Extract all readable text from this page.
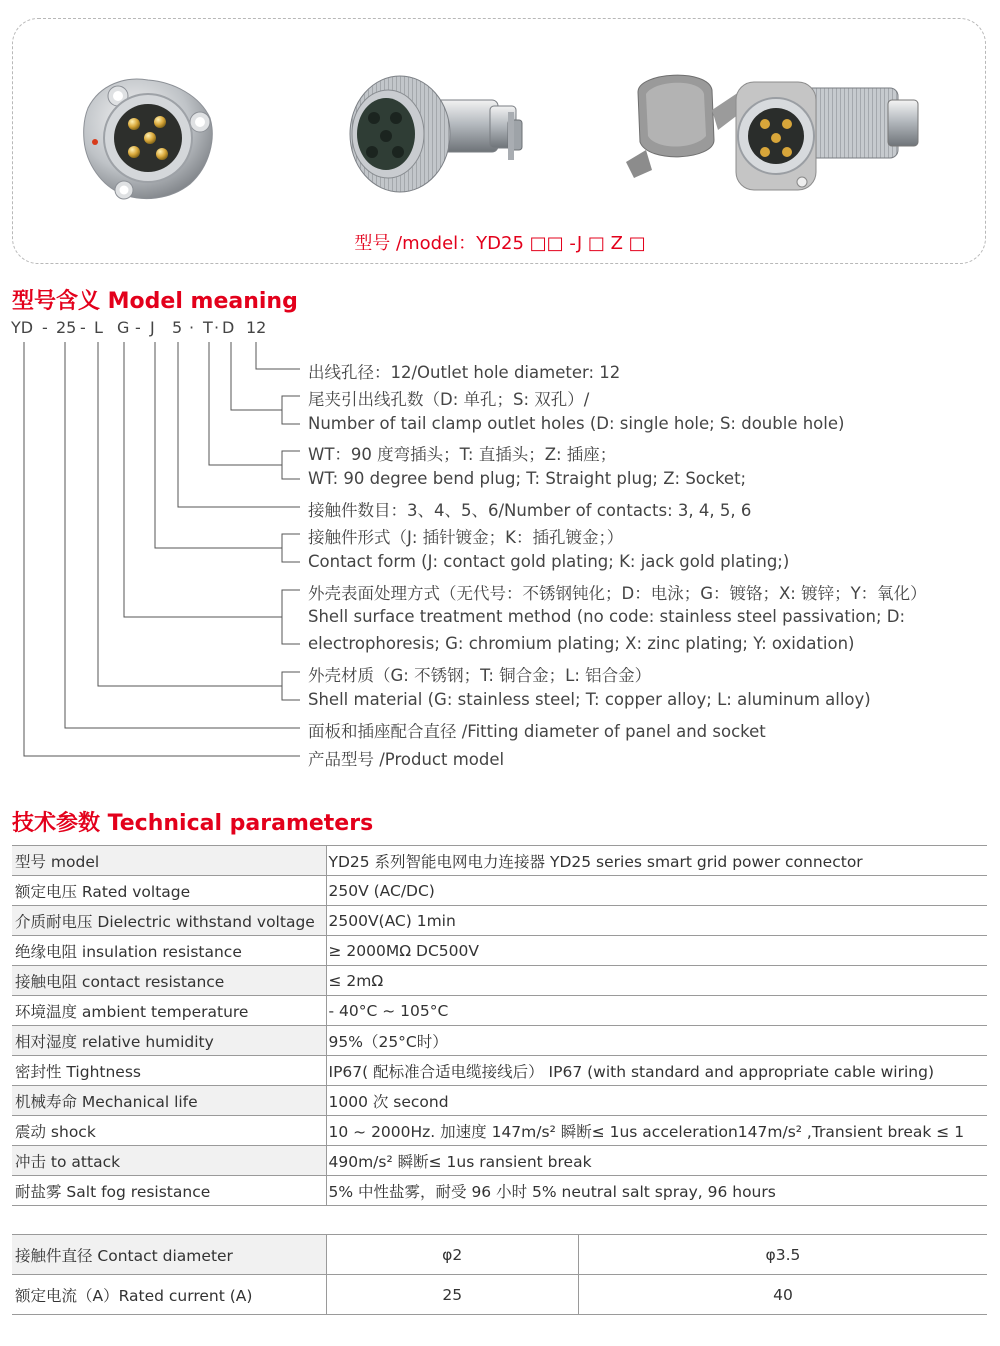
型号 /model：YD25 □□ -J □ Z □
型号含义 Model meaning
YD - 25 - L G - J 5 · T · D 12
出线孔径：12/Outlet hole diameter: 12
尾夹引出线孔数（D: 单孔；S: 双孔）/
Number of tail clamp outlet holes (D: single hole; S: double hole)
WT：90 度弯插头；T: 直插头；Z: 插座；
WT: 90 degree bend plug; T: Straight plug; Z: Socket;
接触件数目：3、4、5、6/Number of contacts: 3, 4, 5, 6
接触件形式（J: 插针镀金；K：插孔镀金；）
Contact form (J: contact gold plating; K: jack gold plating;)
外壳表面处理方式（无代号：不锈钢钝化；D：电泳；G：镀铬；X: 镀锌；Y：氧化）
Shell surface treatment method (no code: stainless steel passivation; D:
electrophoresis; G: chromium plating; X: zinc plating; Y: oxidation)
外壳材质（G: 不锈钢；T: 铜合金；L: 铝合金）
Shell material (G: stainless steel; T: copper alloy; L: aluminum alloy)
面板和插座配合直径 /Fitting diameter of panel and socket
产品型号 /Product model
技术参数 Technical parameters
型号 model	YD25 系列智能电网电力连接器 YD25 series smart grid power connector
额定电压 Rated voltage	250V (AC/DC)
介质耐电压 Dielectric withstand voltage	2500V(AC) 1min
绝缘电阻 insulation resistance	≥ 2000MΩ DC500V
接触电阻 contact resistance	≤ 2mΩ
环境温度 ambient temperature	- 40°C ~ 105°C
相对湿度 relative humidity	95%（25°C时）
密封性 Tightness	IP67( 配标准合适电缆接线后） IP67 (with standard and appropriate cable wiring)
机械寿命 Mechanical life	1000 次 second
震动 shock	10 ~ 2000Hz. 加速度 147m/s² 瞬断≤ 1us acceleration147m/s² ,Transient break ≤ 1
冲击 to attack	490m/s² 瞬断≤ 1us ransient break
耐盐雾 Salt fog resistance	5% 中性盐雾，耐受 96 小时 5% neutral salt spray, 96 hours
接触件直径 Contact diameter	φ2	φ3.5
额定电流（A）Rated current (A)	25	40
